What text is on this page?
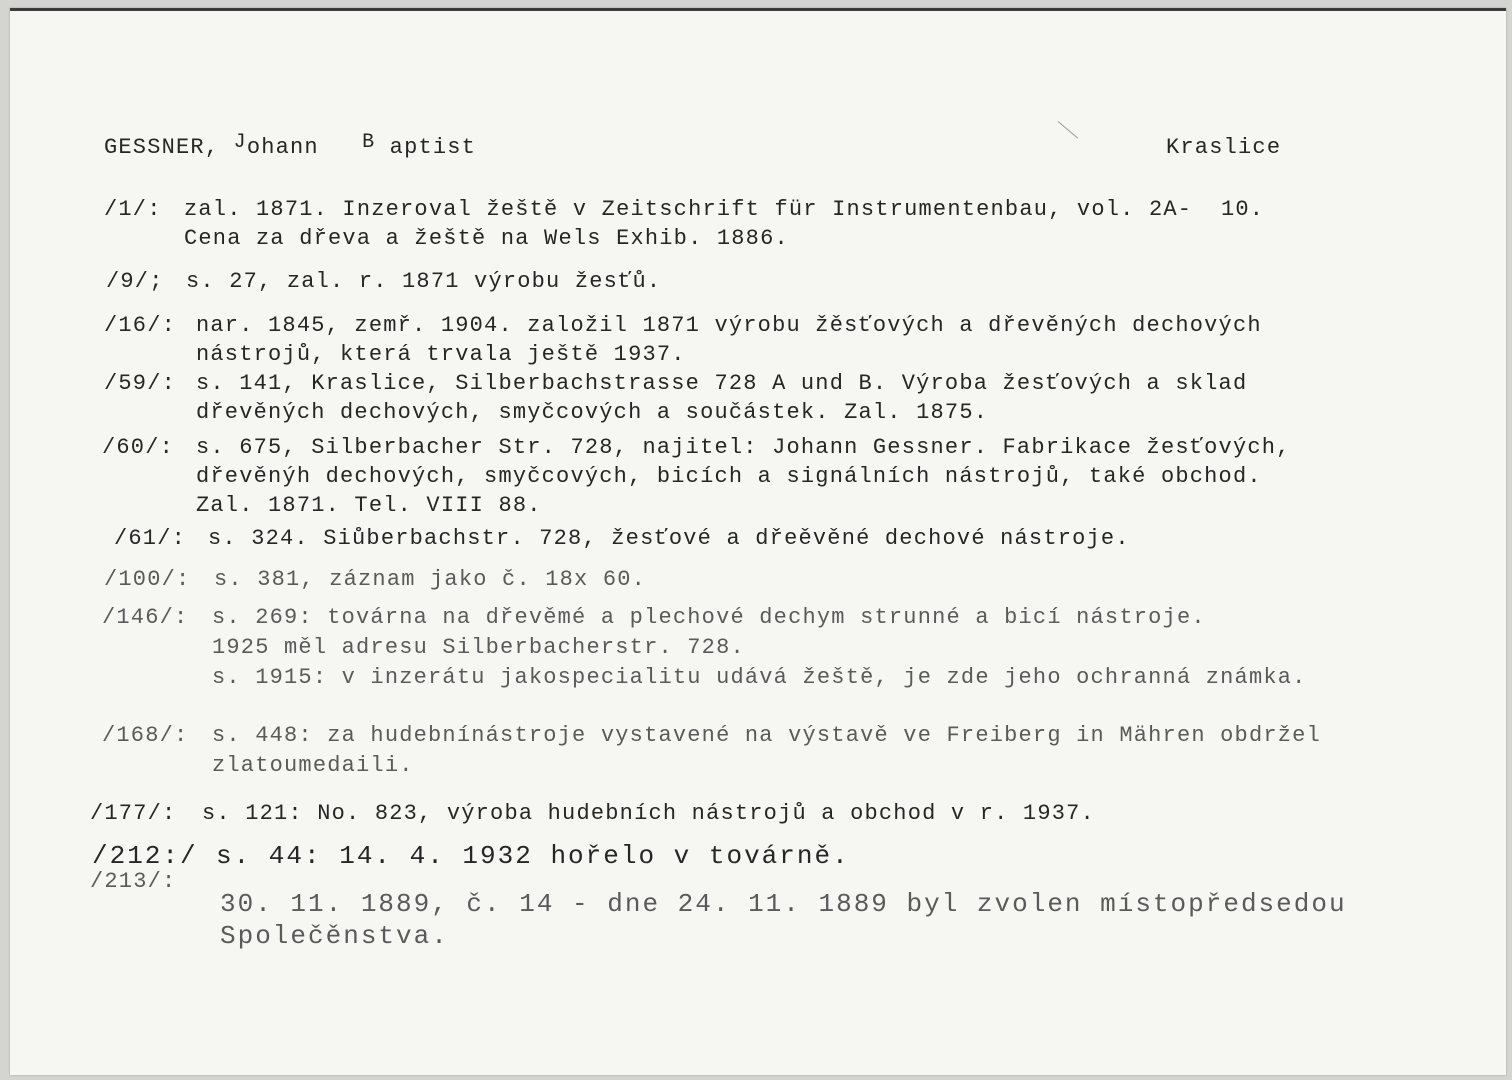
GESSNER, Johann B aptist	Kraslice
/1/: zal. 1871. Inzeroval žeště v Zeitschrift für Instrumentenbau, vol. 2A-  10.
Cena za dřeva a žeště na Wels Exhib. 1886.
/9/; s. 27, zal. r. 1871 výrobu žesťů.
/16/: nar. 1845, zemř. 1904. založil 1871 výrobu žěsťových a dřevěných dechových
nástrojů, která trvala ještě 1937.
/59/: s. 141, Kraslice, Silberbachstrasse 728 A und B. Výroba žesťových a sklad
dřevěných dechových, smyčcových a součástek. Zal. 1875.
/60/: s. 675, Silberbacher Str. 728, najitel: Johann Gessner. Fabrikace žesťových,
dřevěnýh dechových, smyčcových, bicích a signálních nástrojů, také obchod.
Zal. 1871. Tel. VIII 88.
/61/: s. 324. Siůberbachstr. 728, žesťové a dřeěvěné dechové nástroje.
/100/: s. 381, záznam jako č. 18x 60.
/146/: s. 269: továrna na dřevěmé a plechové dechym strunné a bicí nástroje.
1925 měl adresu Silberbacherstr. 728.
s. 1915: v inzerátu jakospecialitu udává žeště, je zde jeho ochranná známka.
/168/: s. 448: za hudebnínástroje vystavené na výstavě ve Freiberg in Mähren obdržel
zlatoumedaili.
/177/: s. 121: No. 823, výroba hudebních nástrojů a obchod v r. 1937.
/212:/ s. 44: 14. 4. 1932 hořelo v továrně.
/213/:
30. 11. 1889, č. 14 - dne 24. 11. 1889 byl zvolen místopředsedou
Společěnstva.
